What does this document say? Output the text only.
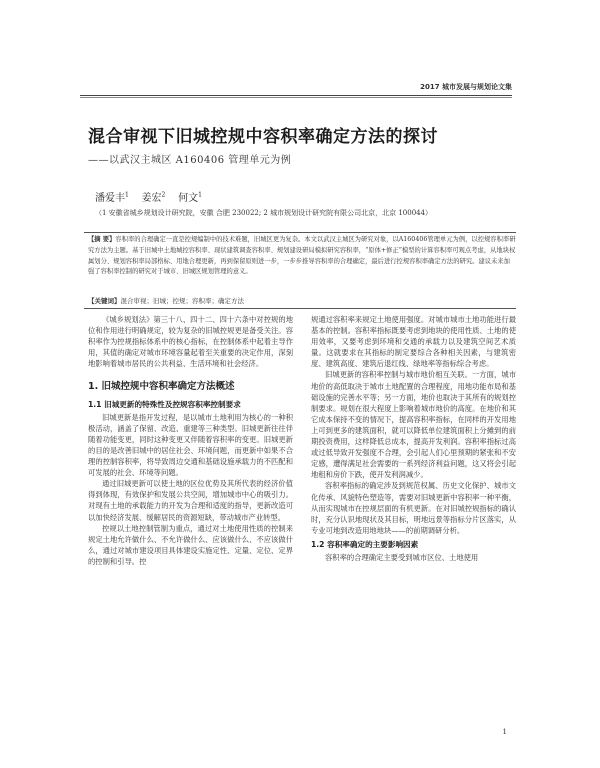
2017 城市发展与规划论文集
混合审视下旧城控规中容积率确定方法的探讨
——以武汉主城区 A160406 管理单元为例
潘爱丰$^1$ 姜宏$^2$ 何文$^1$
（1 安徽省城乡规划设计研究院，安徽 合肥 230022; 2 城市规划设计研究院有限公司北京，北京 100044）
【摘 要】容积率的合理确定一直是控规编制中的技术难题，旧城区更为复杂。本文以武汉主城区为研究对象，以A160406管理单元为例，以控规容积率研究方法为主题。基于旧城中土地城控容积率、现状建筑调查容积率、规划建设研局模拟研究容积率，“原体+修正”模型的计算容积率可观点考虑，从地块权属划分、规划容积率局部格标、用地合理更新，再到保留原则进一步，一步步推导容积率的合理确定，最后进行控规容积率确定方法的研究。建议未来加强了容积率控制的研究对于城市、旧城区规划管理的意义。
【关键词】混合审视；旧城；控规；容积率；确定方法

《城乡规划法》第三十八、四十二、四十六条中对控规的地位和作用进行明确规定，较为复杂的旧城控规更是备受关注。容积率作为控规指标体系中的核心指标，在控制体系中起着主导作用，其值的确定对城市环境容量起着至关重要的决定作用，深刻地影响着城市居民的公共利益、生活环境和社会经济。

1. 旧城控规中容积率确定方法概述
1.1 旧城更新的特殊性及控规容积率控制要求

旧城更新是指开发过程，是以城市土地利用为核心的一种积极活动，涵盖了保留、改造、重建等三种类型。旧城更新往往伴随着功能变更，同时这种变更又伴随着容积率的变更。旧城更新的目的是改善旧城中的居住社会、环境问题，而更新中如果不合理的控制容积率，将导致周边交通和基础设施承载力的不匹配和可发展的社会、环境等问题。

通过旧城更新可以使土地的区位优势及其所代表的经济价值得到体现，有效保护和发展公共空间，增加城市中心的吸引力。对现有土地的承载能力的开发为合理和适度的指导，更新改造可以加快经济发展、缓解居民的资源短缺，带动城市产业转型。

控规以土地控制管制为重点，通过对土地使用性质的控制来规定土地允许做什么、不允许做什么、应该做什么、不应该做什么，通过对城市建设项目具体建设实施定性、定量、定位、定界的控制和引导。控

规通过容积率来规定土地使用强度。对城市城市土地功能进行最基本的控制。容积率指标既要考虑到地块的使用性质、土地的使用效率，又要考虑到环境和交通的承载力以及建筑空间艺术质量。这就要求在其指标的制定要综合各种相关因素，与建筑密度、建筑高度、建筑后退红线、绿地率等指标综合考虑。

旧城更新的容积率控制与城市地价相互关联。一方面，城市地价的高低取决于城市土地配置的合理程度，用地功能布局和基础设施的完善水平等；另一方面，地价也取决于其所有的规划控制要求。规划在很大程度上影响着城市地价的高度。在地价和其它成本保持不变的情况下，提高容积率指标，在同样的开发用地上可到更多的建筑面积，就可以降低单位建筑面积上分摊到的前期投资费用，这样降低总成本，提高开发利润。容积率指标过高或过低导致开发强度不合理，会引起人们心里预期的紧张和不安定感，遭得满足社会需要的一系列经济利益问题，这又将会引起地租和房价下跌，使开发利润减少。

容积率指标的确定涉及到规范权属、历史文化保护、城市文化传承、风貌特色塑造等，需要对旧城更新中容积率一种平衡，从而实现城市在控规层面的有机更新。在对旧城控规指标的确认时，充分认识地现状及其目标，明地远景等指标分片区落实，从专业可地到改造用地地块——的前期调研分析。

1.2 容积率确定的主要影响因素

容积率的合理确定主要受到城市区位、土地使用

1
